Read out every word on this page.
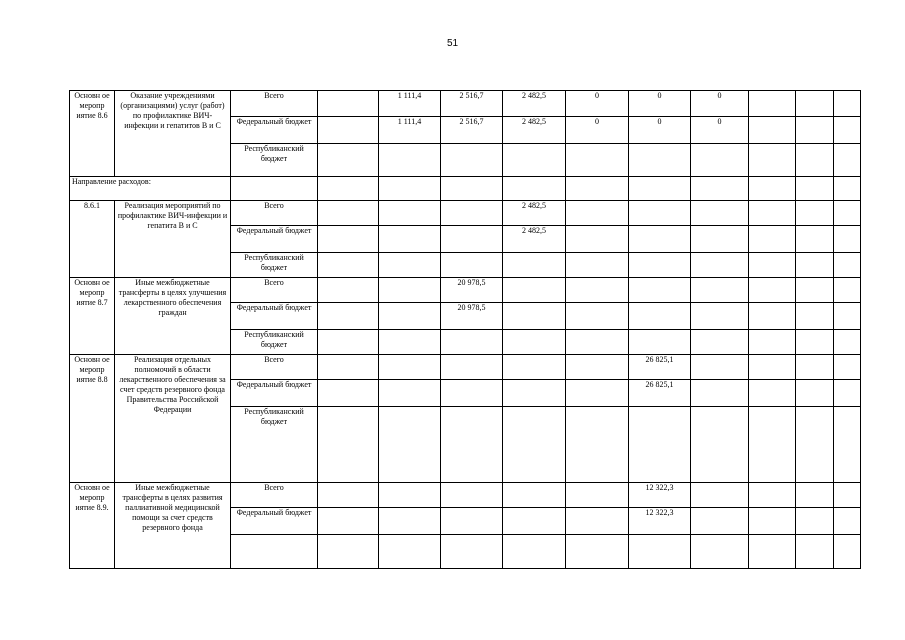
51
Основн ое меропр иятие 8.6	Оказание учреждениями (организациями) услуг (работ) по профилактике ВИЧ-инфекции и гепатитов В и С	Всего		1 111,4	2 516,7	2 482,5	0	0	0			
		Федеральный бюджет		1 111,4	2 516,7	2 482,5	0	0	0			
		Республиканский бюджет										
Направление расходов:												
8.6.1	Реализация мероприятий по профилактике ВИЧ-инфекции и гепатита В и С	Всего				2 482,5						
		Федеральный бюджет				2 482,5						
		Республиканский бюджет										
Основн ое меропр иятие 8.7	Иные межбюджетные трансферты в целях улучшения лекарственного обеспечения граждан	Всего			20 978,5							
		Федеральный бюджет			20 978,5							
		Республиканский бюджет										
Основн ое меропр иятие 8.8	Реализация отдельных полномочий в области лекарственного обеспечения за счет средств резервного фонда Правительства Российской Федерации	Всего						26 825,1				
		Федеральный бюджет						26 825,1				
		Республиканский бюджет										
Основн ое меропр иятие 8.9.	Иные межбюджетные трансферты в целях развития паллиативной медицинской помощи за счет средств резервного фонда	Всего						12 322,3				
		Федеральный бюджет						12 322,3				
